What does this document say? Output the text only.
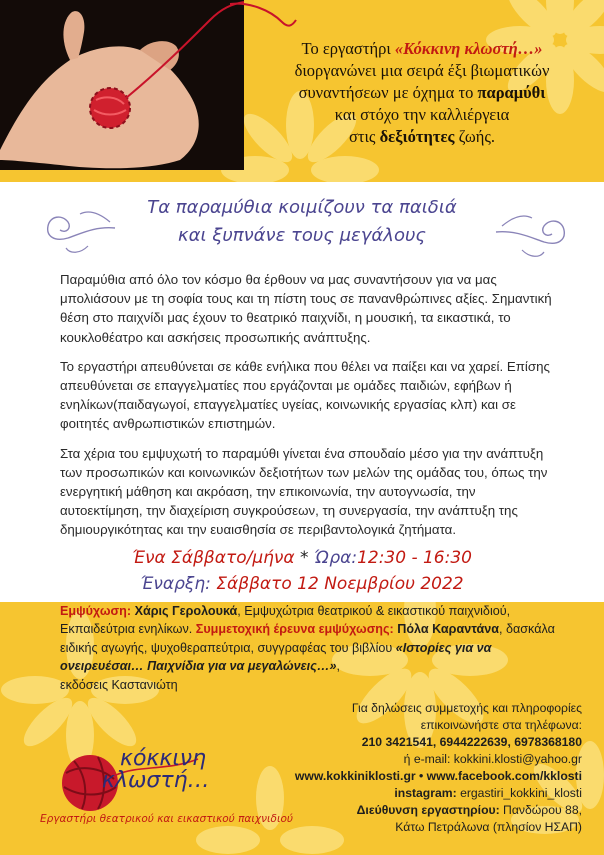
Το εργαστήρι «Κόκκινη κλωστή…»
διοργανώνει μια σειρά έξι βιωματικών
συναντήσεων με όχημα το παραμύθι
και στόχο την καλλιέργεια
στις δεξιότητες ζωής.
Τα παραμύθια κοιμίζουν τα παιδιά
και ξυπνάνε τους μεγάλους

Παραμύθια από όλο τον κόσμο θα έρθουν να μας συναντήσουν για να μας μπολιάσουν με τη σοφία τους και τη πίστη τους σε πανανθρώπινες αξίες. Σημαντική θέση στο παιχνίδι μας έχουν το θεατρικό παιχνίδι, η μουσική, τα εικαστικά, το κουκλοθέατρο και ασκήσεις προσωπικής ανάπτυξης.

Το εργαστήρι απευθύνεται σε κάθε ενήλικα που θέλει να παίξει και να χαρεί. Επίσης απευθύνεται σε επαγγελματίες που εργάζονται με ομάδες παιδιών, εφήβων ή ενηλίκων(παιδαγωγοί, επαγγελματίες υγείας, κοινωνικής εργασίας κλπ) και σε φοιτητές ανθρωπιστικών επιστημών.

Στα χέρια του εμψυχωτή το παραμύθι γίνεται ένα σπουδαίο μέσο για την ανάπτυξη των προσωπικών και κοινωνικών δεξιοτήτων των μελών της ομάδας του, όπως την ενεργητική μάθηση και ακρόαση, την επικοινωνία, την αυτογνωσία, την αυτοεκτίμηση, την διαχείριση συγκρούσεων, τη συνεργασία, την ανάπτυξη της δημιουργικότητας και την ευαισθησία σε περιβαντολογικά ζητήματα.

Ένα Σάββατο/μήνα * Ώρα:12:30 - 16:30
Έναρξη: Σάββατο 12 Νοεμβρίου 2022
Εμψύχωση: Χάρις Γερολουκά, Εμψυχώτρια θεατρικού & εικαστικού παιχνιδιού, Εκπαιδεύτρια ενηλίκων. Συμμετοχική έρευνα εμψύχωσης: Πόλα Καραντάνα, δασκάλα ειδικής αγωγής, ψυχοθεραπεύτρια, συγγραφέας του βιβλίου «Ιστορίες για να ονειρευέσαι… Παιχνίδια για να μεγαλώνεις…»,
εκδόσεις Καστανιώτη
Για δηλώσεις συμμετοχής και πληροφορίες
επικοινωνήστε στα τηλέφωνα:
210 3421541, 6944222639, 6978368180
ή e-mail: kokkini.klosti@yahoo.gr
www.kokkiniklosti.gr • www.facebook.com/kklosti
instagram: ergastiri_kokkini_klosti
Διεύθυνση εργαστηρίου: Πανδώρου 88,
Κάτω Πετράλωνα (πλησίον ΗΣΑΠ)
κόκκινη
κλωστή…
Εργαστήρι θεατρικού και εικαστικού παιχνιδιού
